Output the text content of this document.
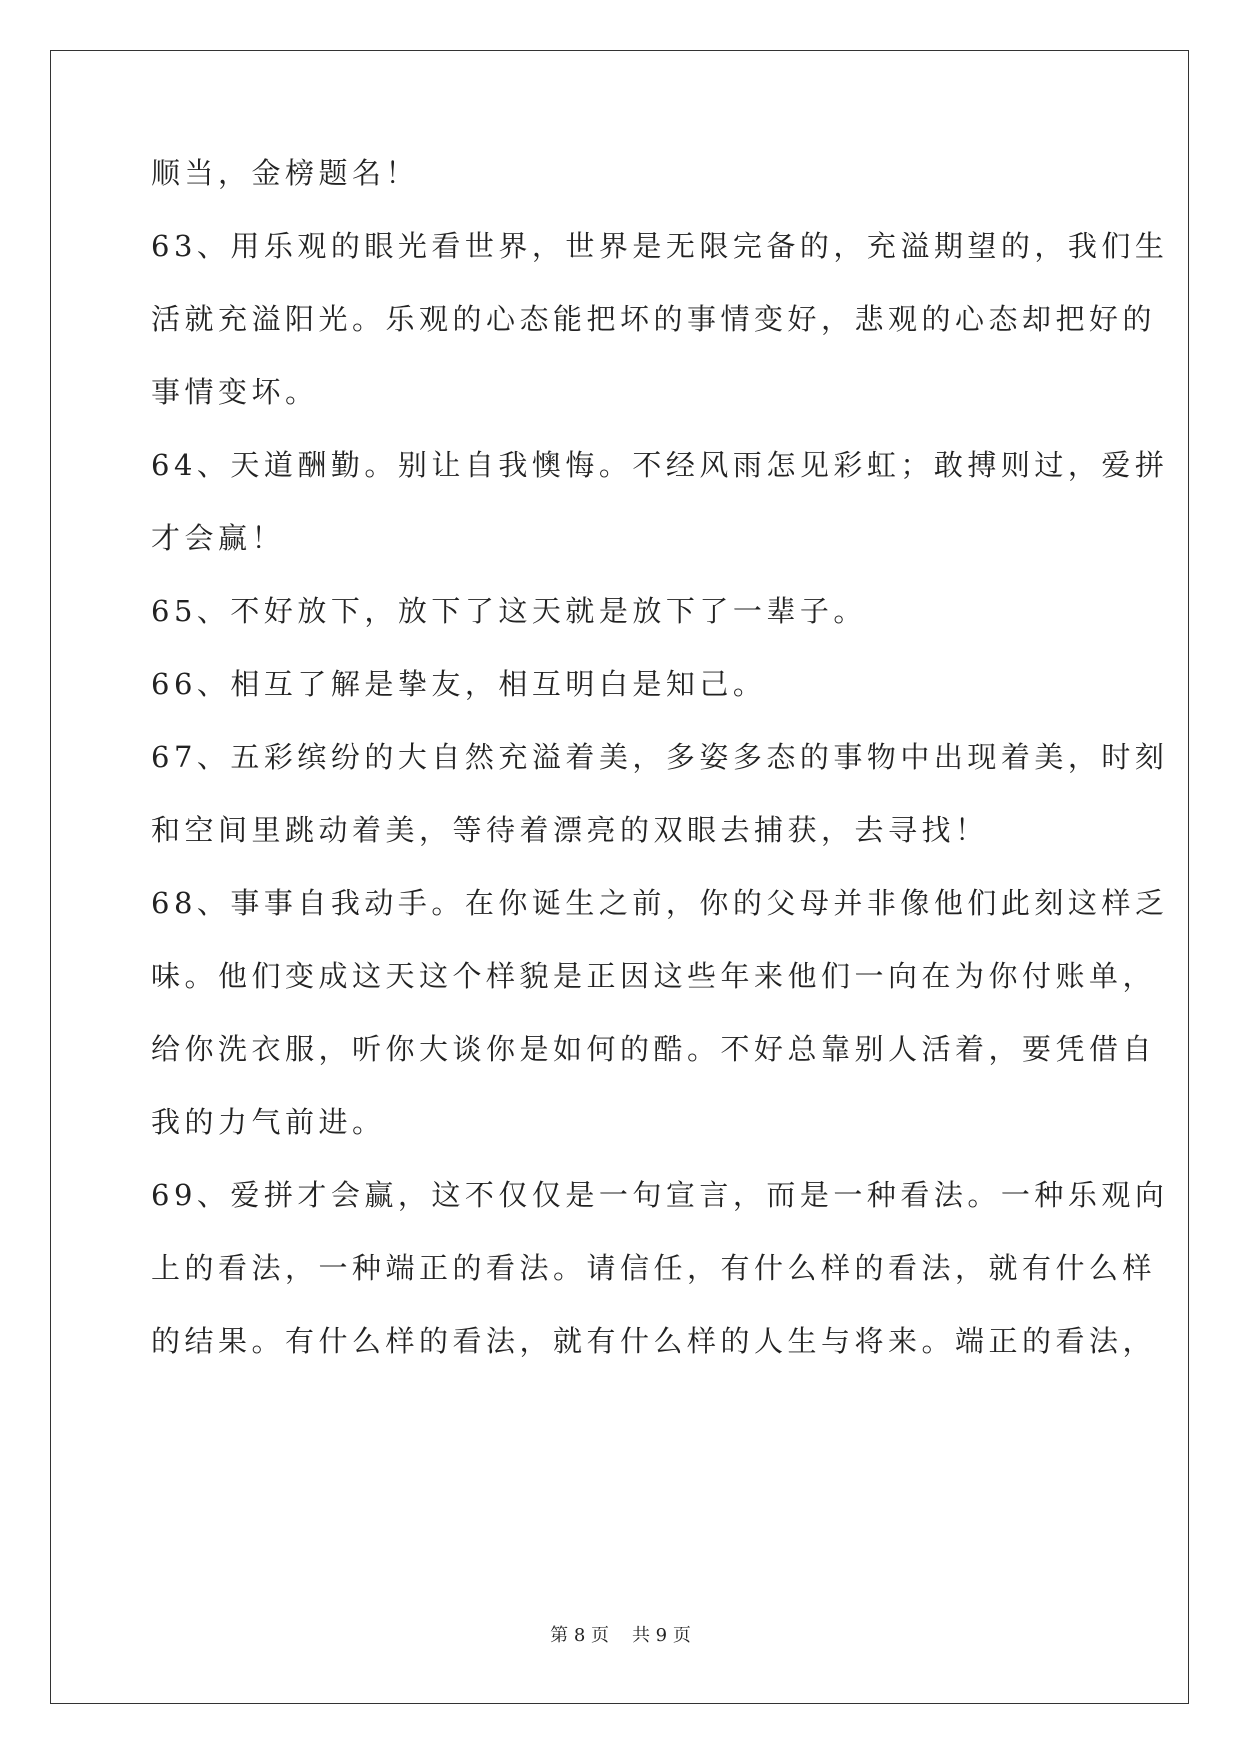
顺当，金榜题名！
63、用乐观的眼光看世界，世界是无限完备的，充溢期望的，我们生
活就充溢阳光。乐观的心态能把坏的事情变好，悲观的心态却把好的
事情变坏。
64、天道酬勤。别让自我懊悔。不经风雨怎见彩虹；敢搏则过，爱拼
才会赢！
65、不好放下，放下了这天就是放下了一辈子。
66、相互了解是挚友，相互明白是知己。
67、五彩缤纷的大自然充溢着美，多姿多态的事物中出现着美，时刻
和空间里跳动着美，等待着漂亮的双眼去捕获，去寻找！
68、事事自我动手。在你诞生之前，你的父母并非像他们此刻这样乏
味。他们变成这天这个样貌是正因这些年来他们一向在为你付账单，
给你洗衣服，听你大谈你是如何的酷。不好总靠别人活着，要凭借自
我的力气前进。
69、爱拼才会赢，这不仅仅是一句宣言，而是一种看法。一种乐观向
上的看法，一种端正的看法。请信任，有什么样的看法，就有什么样
的结果。有什么样的看法，就有什么样的人生与将来。端正的看法，
第 8 页    共 9 页
